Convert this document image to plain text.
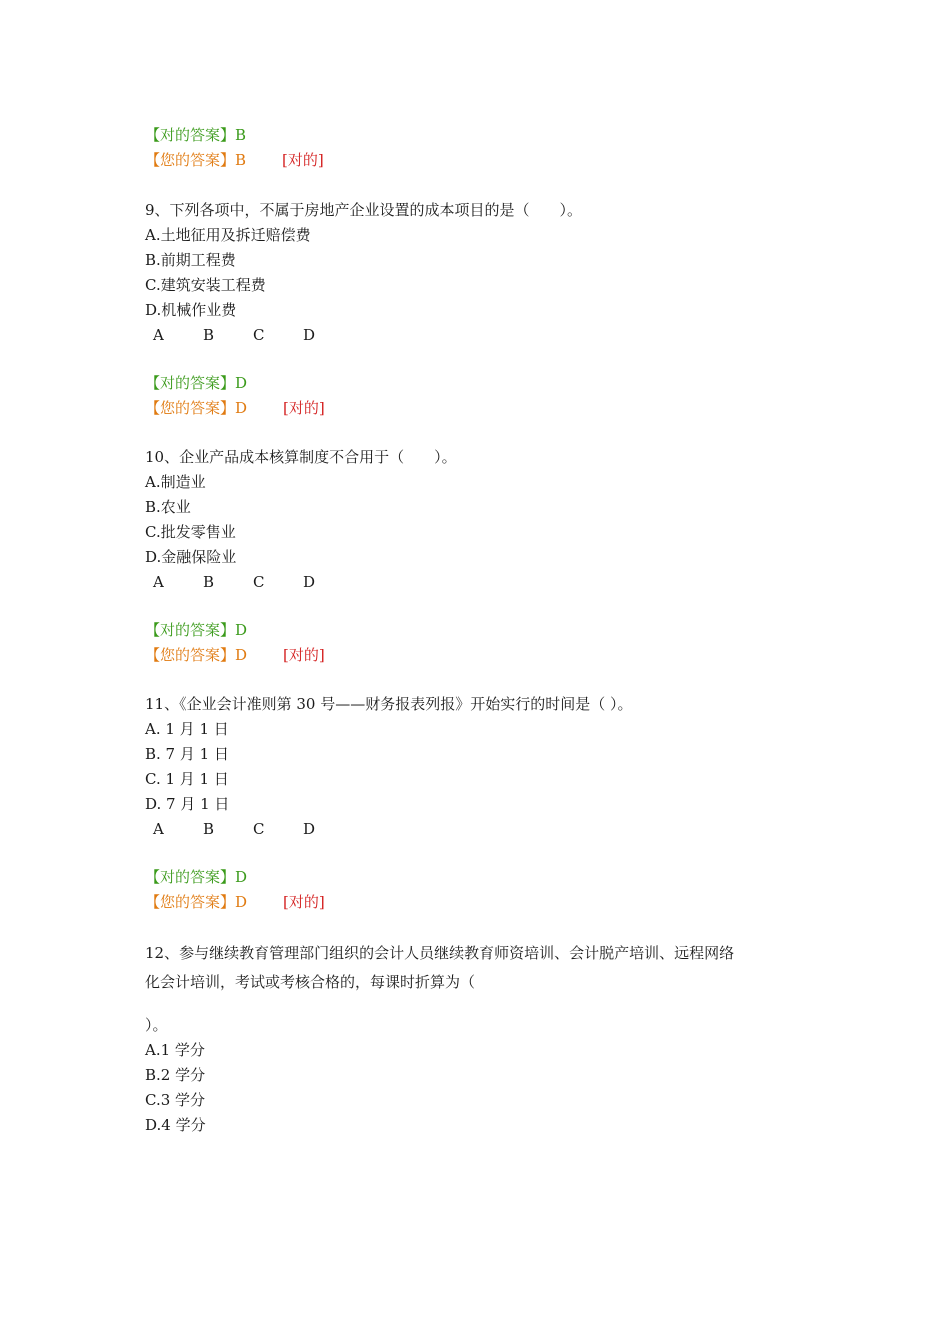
【对的答案】B
【您的答案】B [对的]
9、下列各项中，不属于房地产企业设置的成本项目的是（　　）。
A.土地征用及拆迁赔偿费
B.前期工程费
C.建筑安装工程费
D.机械作业费
A	B	C	D
【对的答案】D
【您的答案】D [对的]
10、企业产品成本核算制度不合用于（　　）。
A.制造业
B.农业
C.批发零售业
D.金融保险业
A	B	C	D
【对的答案】D
【您的答案】D [对的]
11、《企业会计准则第 30 号——财务报表列报》开始实行的时间是（ ）。
A. 1 月 1 日
B. 7 月 1 日
C. 1 月 1 日
D. 7 月 1 日
A	B	C	D
【对的答案】D
【您的答案】D [对的]
12、参与继续教育管理部门组织的会计人员继续教育师资培训、会计脱产培训、远程网络
化会计培训，考试或考核合格的，每课时折算为（
）。
A.1 学分
B.2 学分
C.3 学分
D.4 学分
